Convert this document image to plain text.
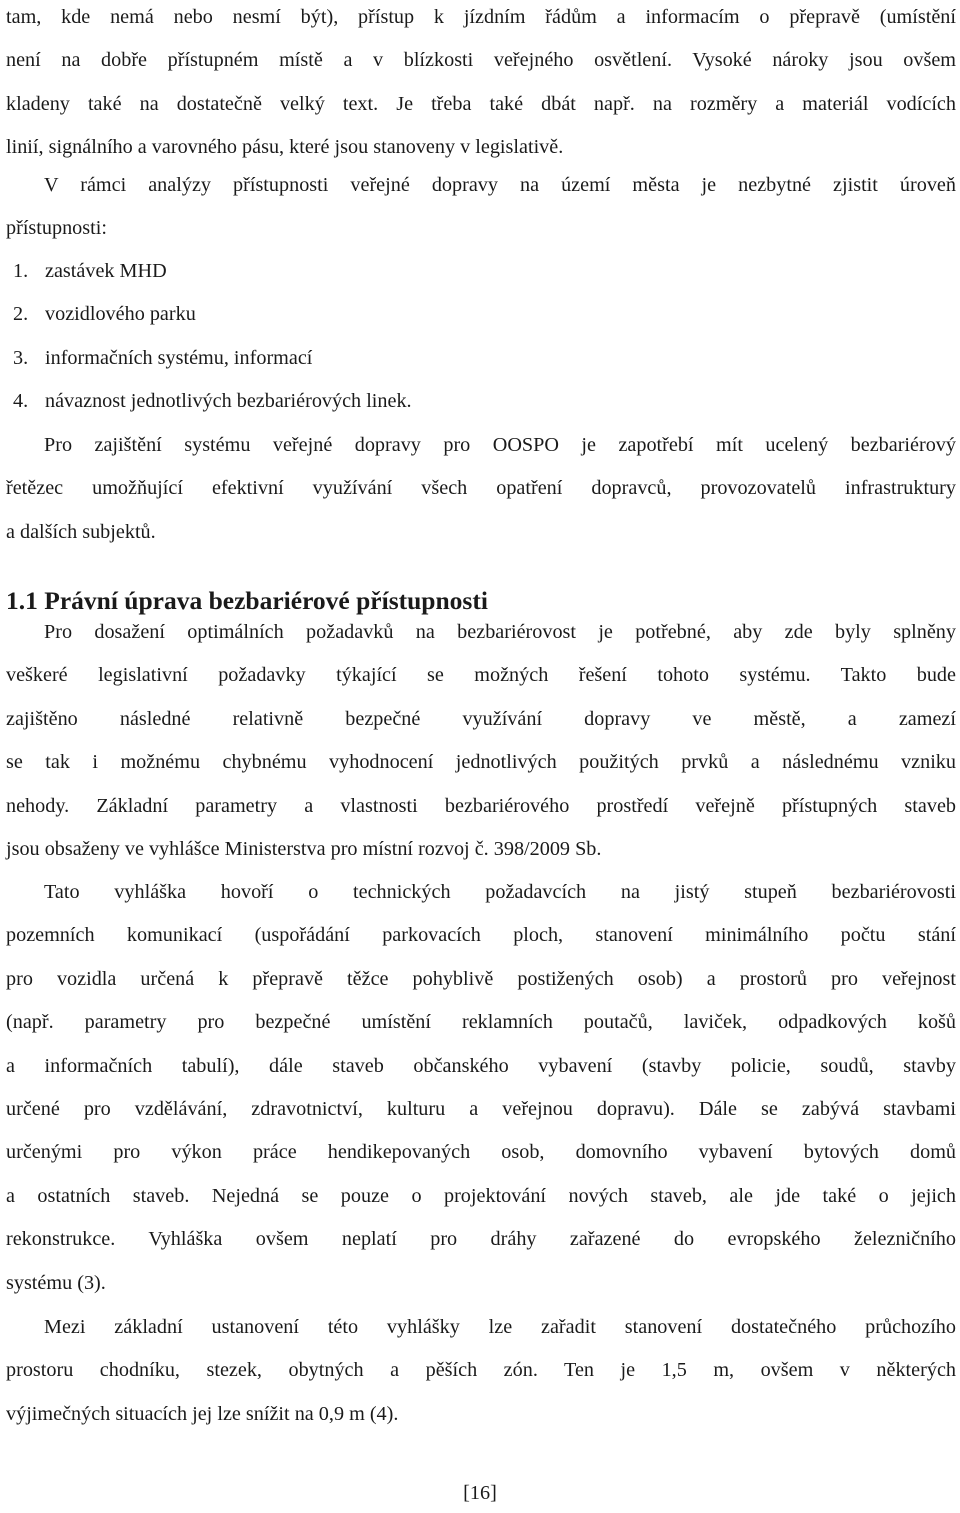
tam, kde nemá nebo nesmí být), přístup k jízdním řádům a informacím o přepravě (umístění
není na dobře přístupném místě a v blízkosti veřejného osvětlení. Vysoké nároky jsou ovšem
kladeny také na dostatečně velký text. Je třeba také dbát např. na rozměry a materiál vodících
linií, signálního a varovného pásu, které jsou stanoveny v legislativě.
V rámci analýzy přístupnosti veřejné dopravy na území města je nezbytné zjistit úroveň
přístupnosti:
1. zastávek MHD
2. vozidlového parku
3. informačních systému, informací
4. návaznost jednotlivých bezbariérových linek.
Pro zajištění systému veřejné dopravy pro OOSPO je zapotřebí mít ucelený bezbariérový
řetězec umožňující efektivní využívání všech opatření dopravců, provozovatelů infrastruktury
a dalších subjektů.
1.1 Právní úprava bezbariérové přístupnosti
Pro dosažení optimálních požadavků na bezbariérovost je potřebné, aby zde byly splněny
veškeré legislativní požadavky týkající se možných řešení tohoto systému. Takto bude
zajištěno následné relativně bezpečné využívání dopravy ve městě, a zamezí
se tak i možnému chybnému vyhodnocení jednotlivých použitých prvků a následnému vzniku
nehody. Základní parametry a vlastnosti bezbariérového prostředí veřejně přístupných staveb
jsou obsaženy ve vyhlášce Ministerstva pro místní rozvoj č. 398/2009 Sb.
Tato vyhláška hovoří o technických požadavcích na jistý stupeň bezbariérovosti
pozemních komunikací (uspořádání parkovacích ploch, stanovení minimálního počtu stání
pro vozidla určená k přepravě těžce pohyblivě postižených osob) a prostorů pro veřejnost
(např. parametry pro bezpečné umístění reklamních poutačů, laviček, odpadkových košů
a informačních tabulí), dále staveb občanského vybavení (stavby policie, soudů, stavby
určené pro vzdělávání, zdravotnictví, kulturu a veřejnou dopravu). Dále se zabývá stavbami
určenými pro výkon práce hendikepovaných osob, domovního vybavení bytových domů
a ostatních staveb. Nejedná se pouze o projektování nových staveb, ale jde také o jejich
rekonstrukce. Vyhláška ovšem neplatí pro dráhy zařazené do evropského železničního
systému (3).
Mezi základní ustanovení této vyhlášky lze zařadit stanovení dostatečného průchozího
prostoru chodníku, stezek, obytných a pěších zón. Ten je 1,5 m, ovšem v některých
výjimečných situacích jej lze snížit na 0,9 m (4).
[16]
